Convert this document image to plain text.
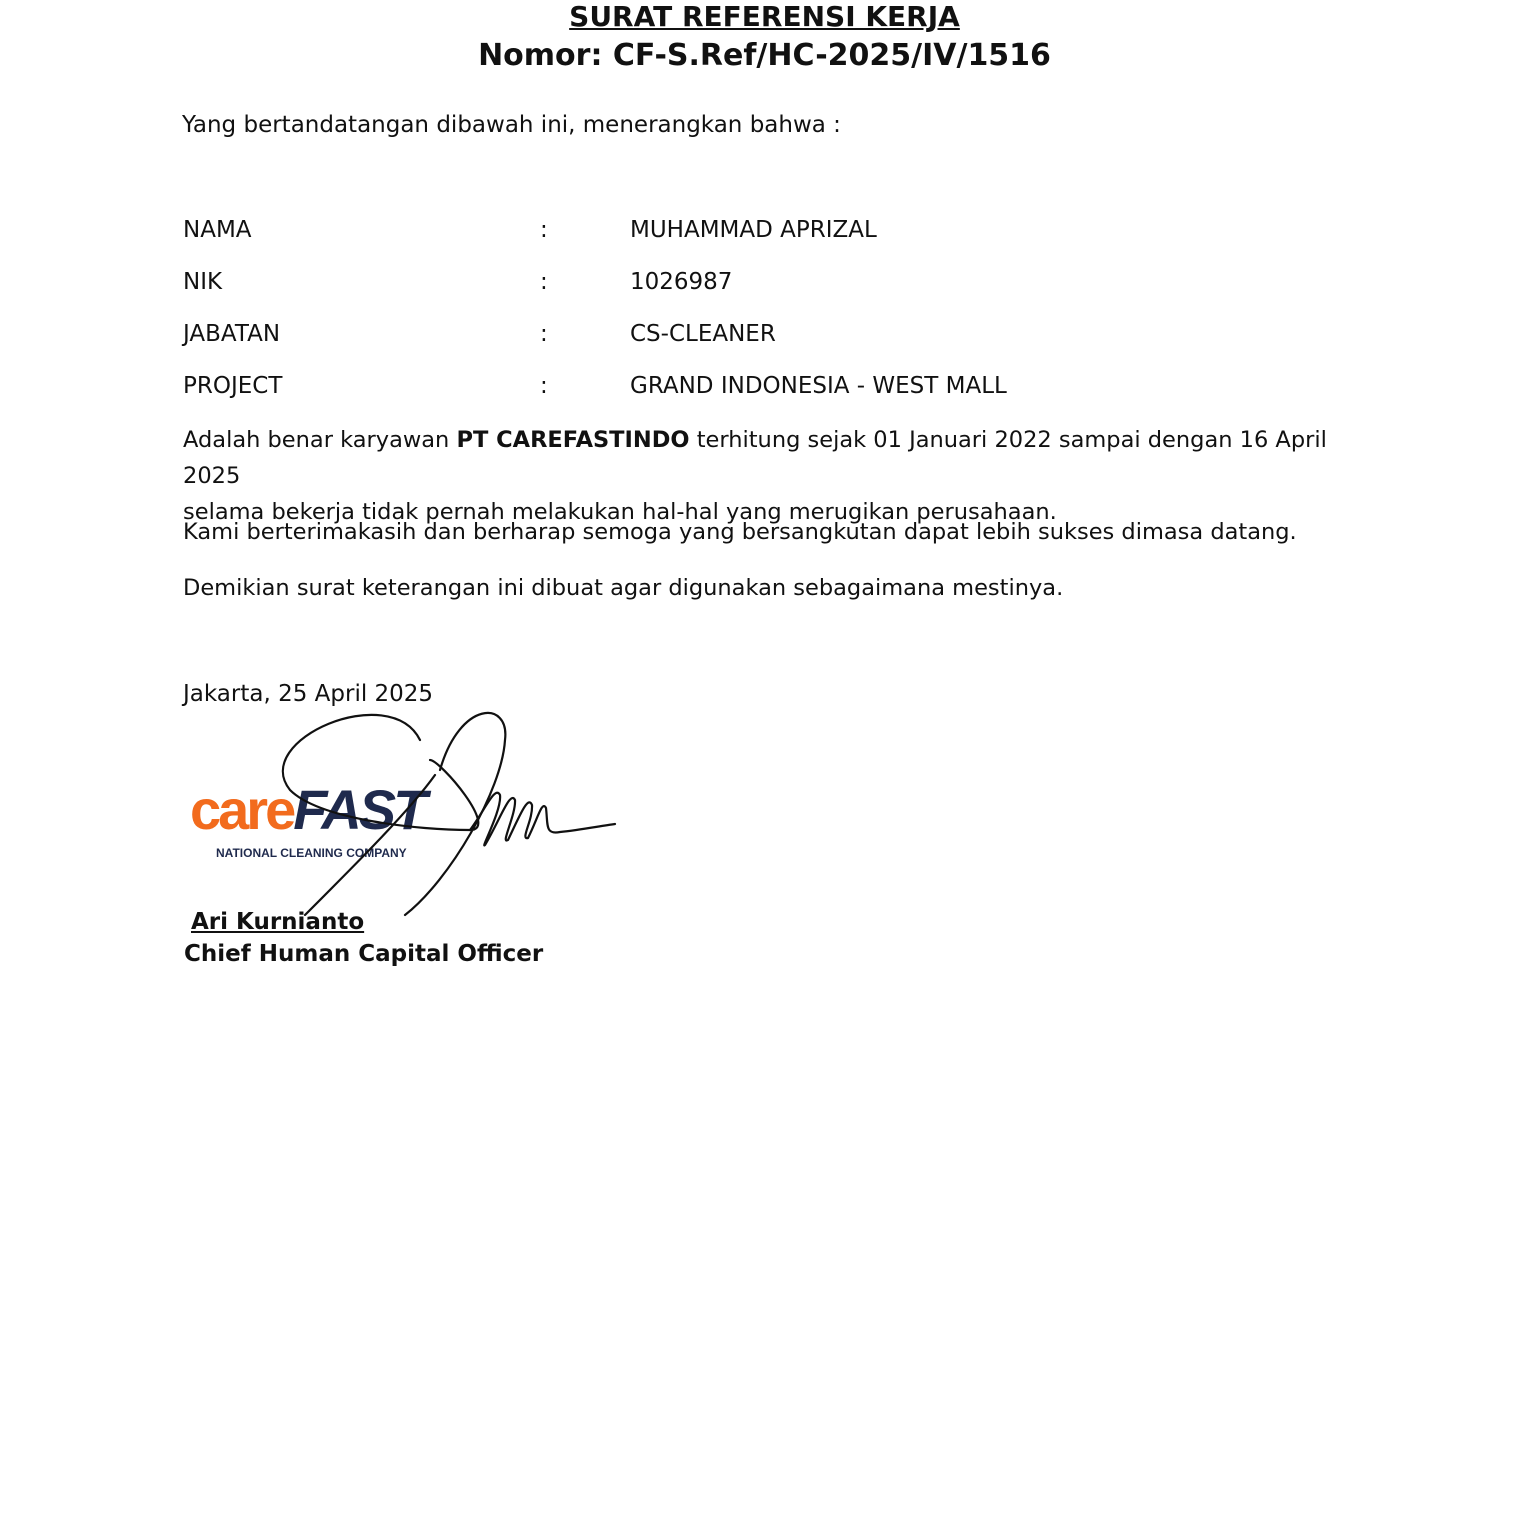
SURAT REFERENSI KERJA
Nomor: CF-S.Ref/HC-2025/IV/1516
Yang bertandatangan dibawah ini, menerangkan bahwa :
NAMA	:	MUHAMMAD APRIZAL
NIK	:	1026987
JABATAN	:	CS-CLEANER
PROJECT	:	GRAND INDONESIA - WEST MALL
Adalah benar karyawan PT CAREFASTINDO terhitung sejak 01 Januari 2022 sampai dengan 16 April 2025
selama bekerja tidak pernah melakukan hal-hal yang merugikan perusahaan.
Kami berterimakasih dan berharap semoga yang bersangkutan dapat lebih sukses dimasa datang.
Demikian surat keterangan ini dibuat agar digunakan sebagaimana mestinya.
Jakarta, 25 April 2025
careFAST
NATIONAL CLEANING COMPANY
Ari Kurnianto
Chief Human Capital Officer
